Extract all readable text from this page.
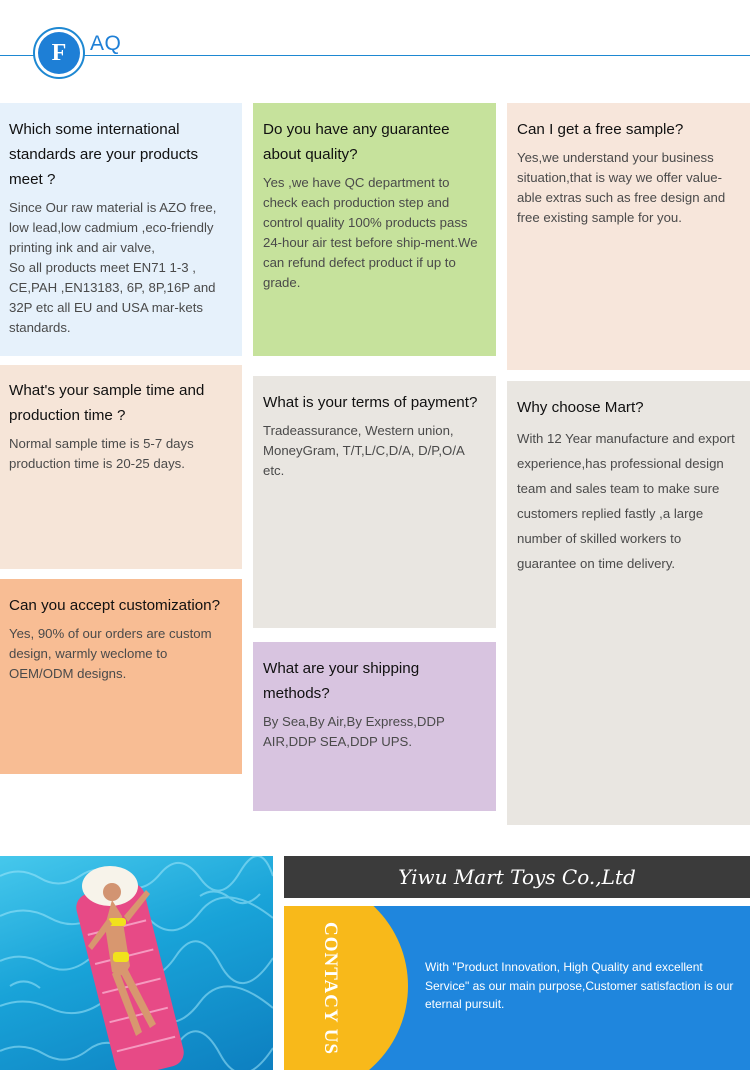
F	AQ
Which some international standards are your products meet ?

Since Our raw material is AZO free, low lead,low cadmium ,eco-friendly printing ink and air valve,
So all products meet EN71 1-3 , CE,PAH ,EN13183, 6P, 8P,16P and 32P etc all EU and USA mar-kets standards.

Do you have any guarantee about quality?

Yes ,we have QC department to check each production step and control quality 100% products pass 24-hour air test before ship-ment.We can refund defect product if up to grade.

Can I get a free sample?

Yes,we understand your business situation,that is way we offer value-able extras such as free design and free existing sample for you.

What's your sample time and production time ?

Normal sample time is 5-7 days production time is 20-25 days.

What is your terms of payment?

Tradeassurance, Western union, MoneyGram, T/T,L/C,D/A, D/P,O/A etc.

Why choose Mart?

With 12 Year manufacture and export experience,has professional design team and sales team to make sure customers replied fastly ,a large number of skilled workers to guarantee on time delivery.

Can you accept customization?

Yes, 90% of our orders are custom design, warmly weclome to OEM/ODM designs.	What are your shipping methods?

By Sea,By Air,By Express,DDP AIR,DDP SEA,DDP UPS.

Yiwu Mart Toys Co.,Ltd
CONTACY US	With "Product Innovation, High Quality and excellent Service" as our main purpose,Customer satisfaction is our eternal pursuit.
